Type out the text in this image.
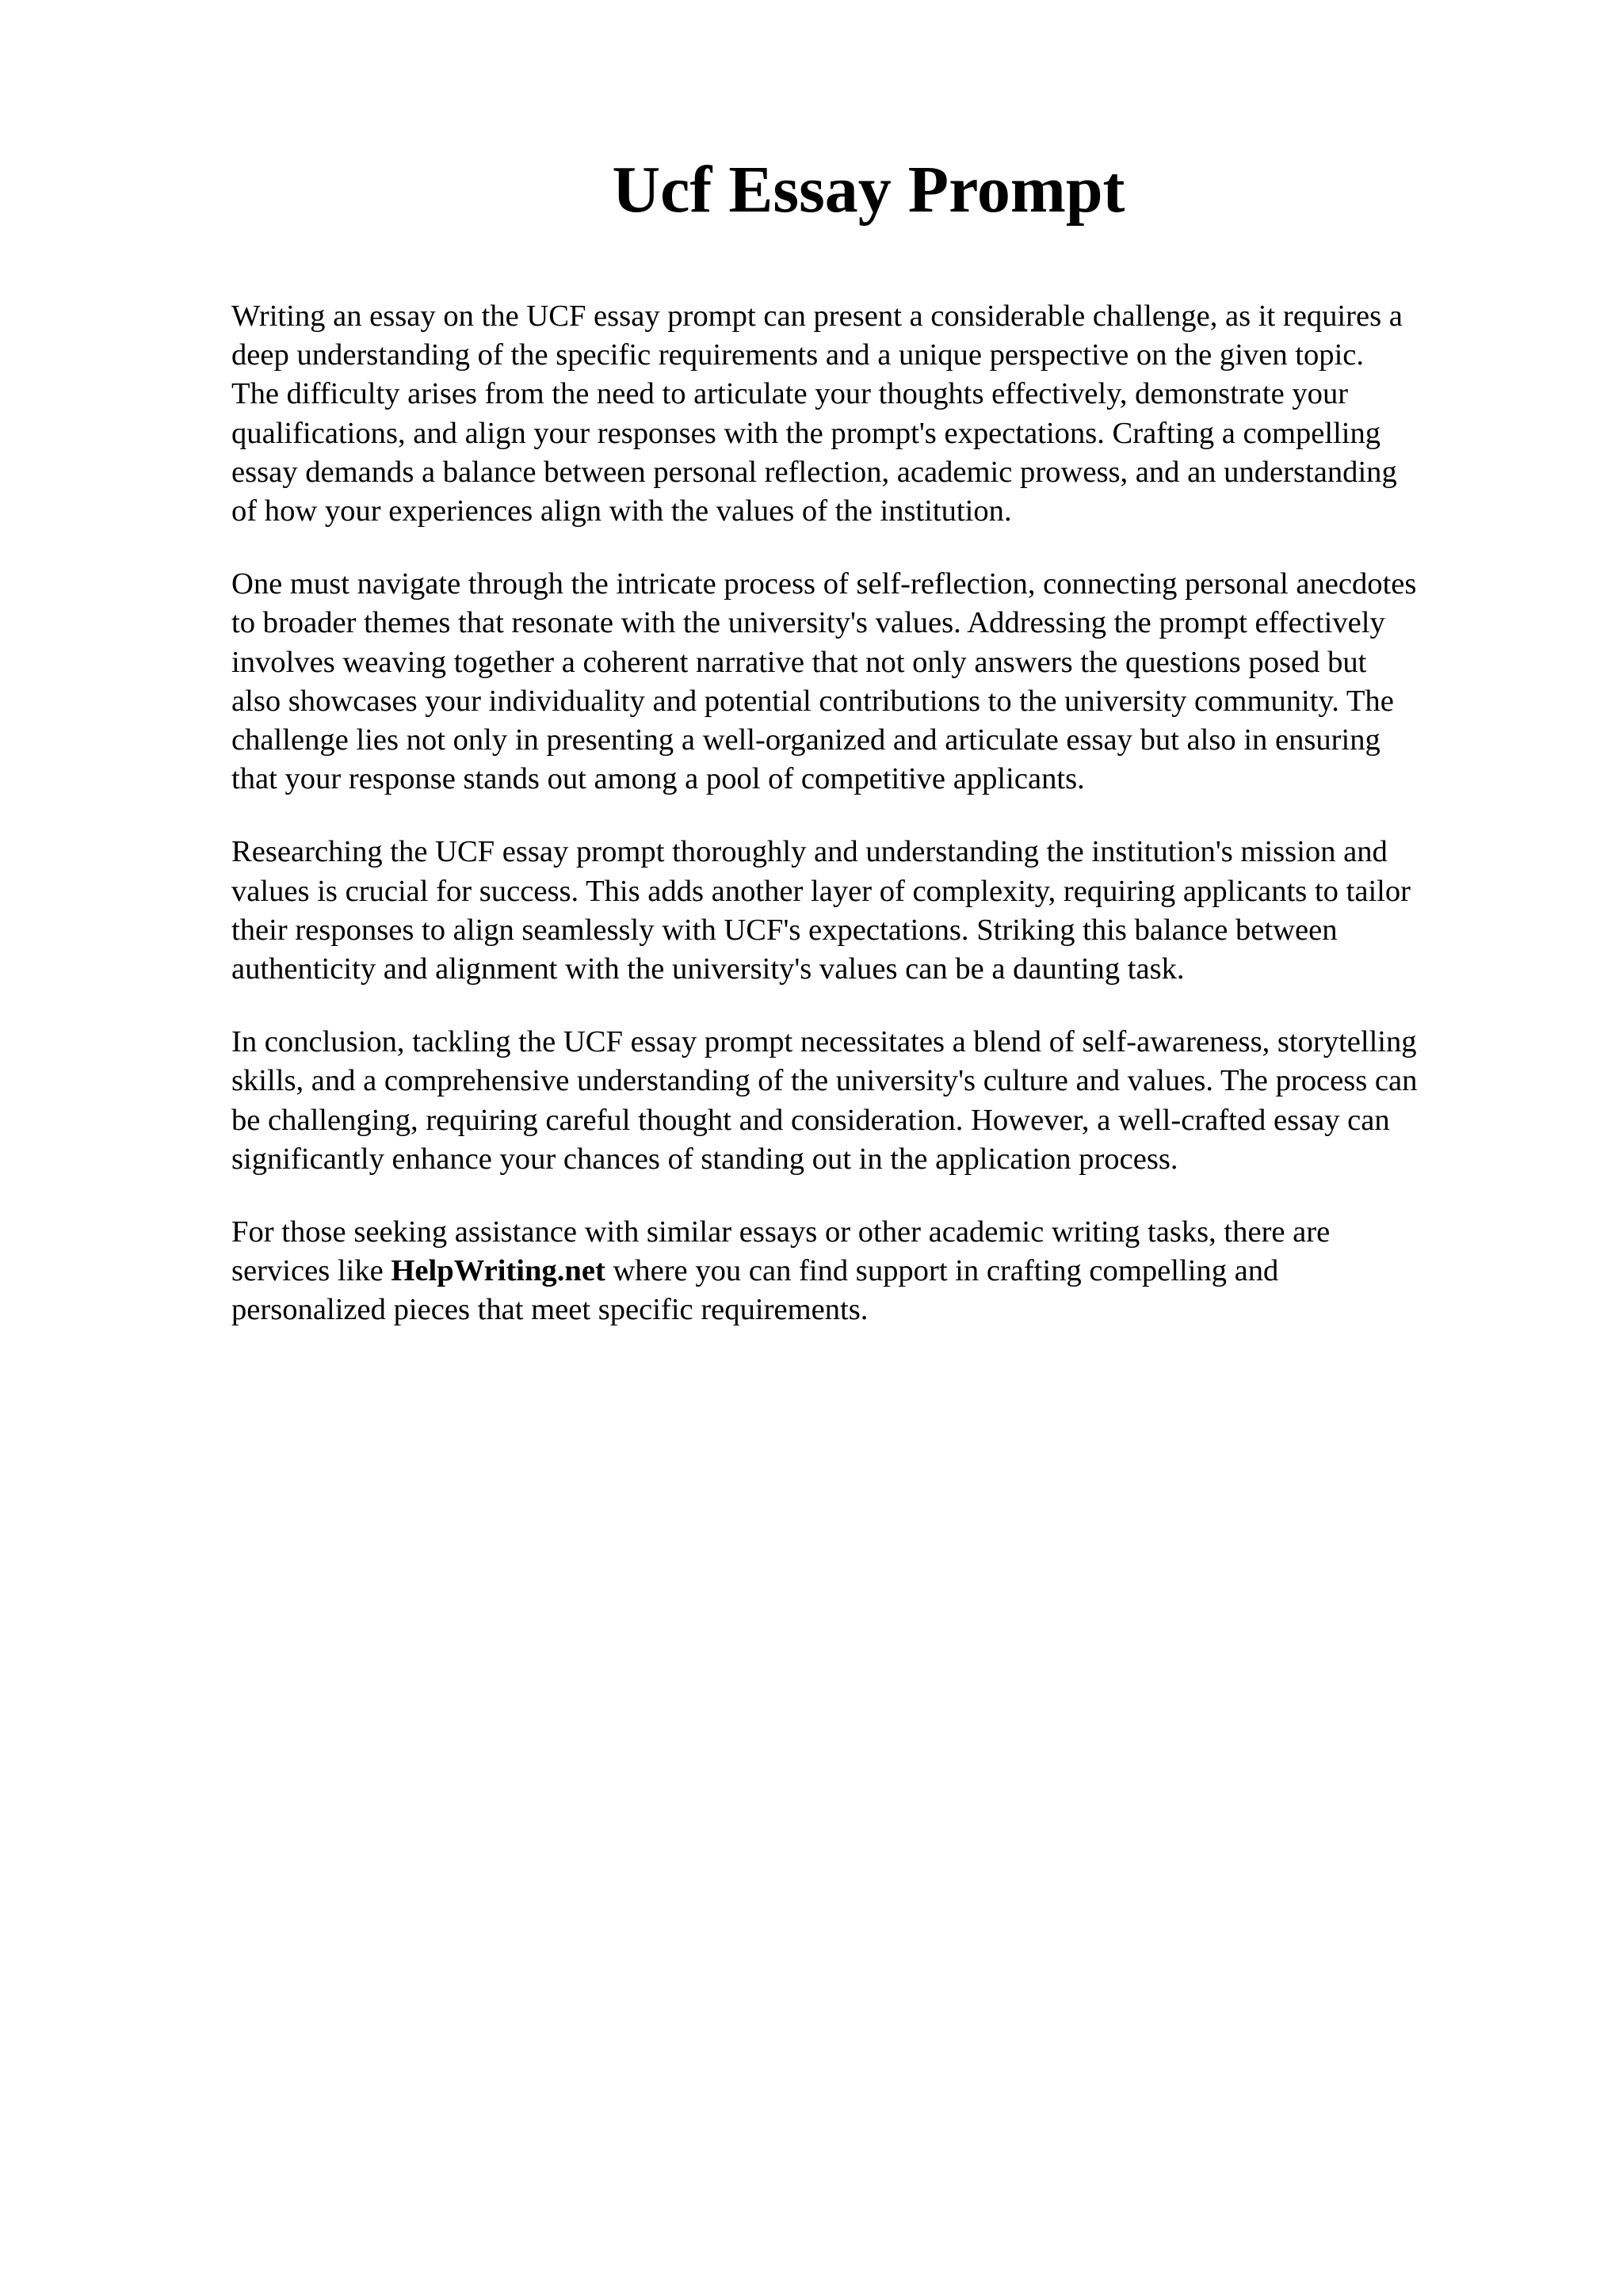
Ucf Essay Prompt

Writing an essay on the UCF essay prompt can present a considerable challenge, as it requires a
deep understanding of the specific requirements and a unique perspective on the given topic.
The difficulty arises from the need to articulate your thoughts effectively, demonstrate your
qualifications, and align your responses with the prompt's expectations. Crafting a compelling
essay demands a balance between personal reflection, academic prowess, and an understanding
of how your experiences align with the values of the institution.

One must navigate through the intricate process of self-reflection, connecting personal anecdotes
to broader themes that resonate with the university's values. Addressing the prompt effectively
involves weaving together a coherent narrative that not only answers the questions posed but
also showcases your individuality and potential contributions to the university community. The
challenge lies not only in presenting a well-organized and articulate essay but also in ensuring
that your response stands out among a pool of competitive applicants.

Researching the UCF essay prompt thoroughly and understanding the institution's mission and
values is crucial for success. This adds another layer of complexity, requiring applicants to tailor
their responses to align seamlessly with UCF's expectations. Striking this balance between
authenticity and alignment with the university's values can be a daunting task.

In conclusion, tackling the UCF essay prompt necessitates a blend of self-awareness, storytelling
skills, and a comprehensive understanding of the university's culture and values. The process can
be challenging, requiring careful thought and consideration. However, a well-crafted essay can
significantly enhance your chances of standing out in the application process.

For those seeking assistance with similar essays or other academic writing tasks, there are
services like HelpWriting.net where you can find support in crafting compelling and
personalized pieces that meet specific requirements.
